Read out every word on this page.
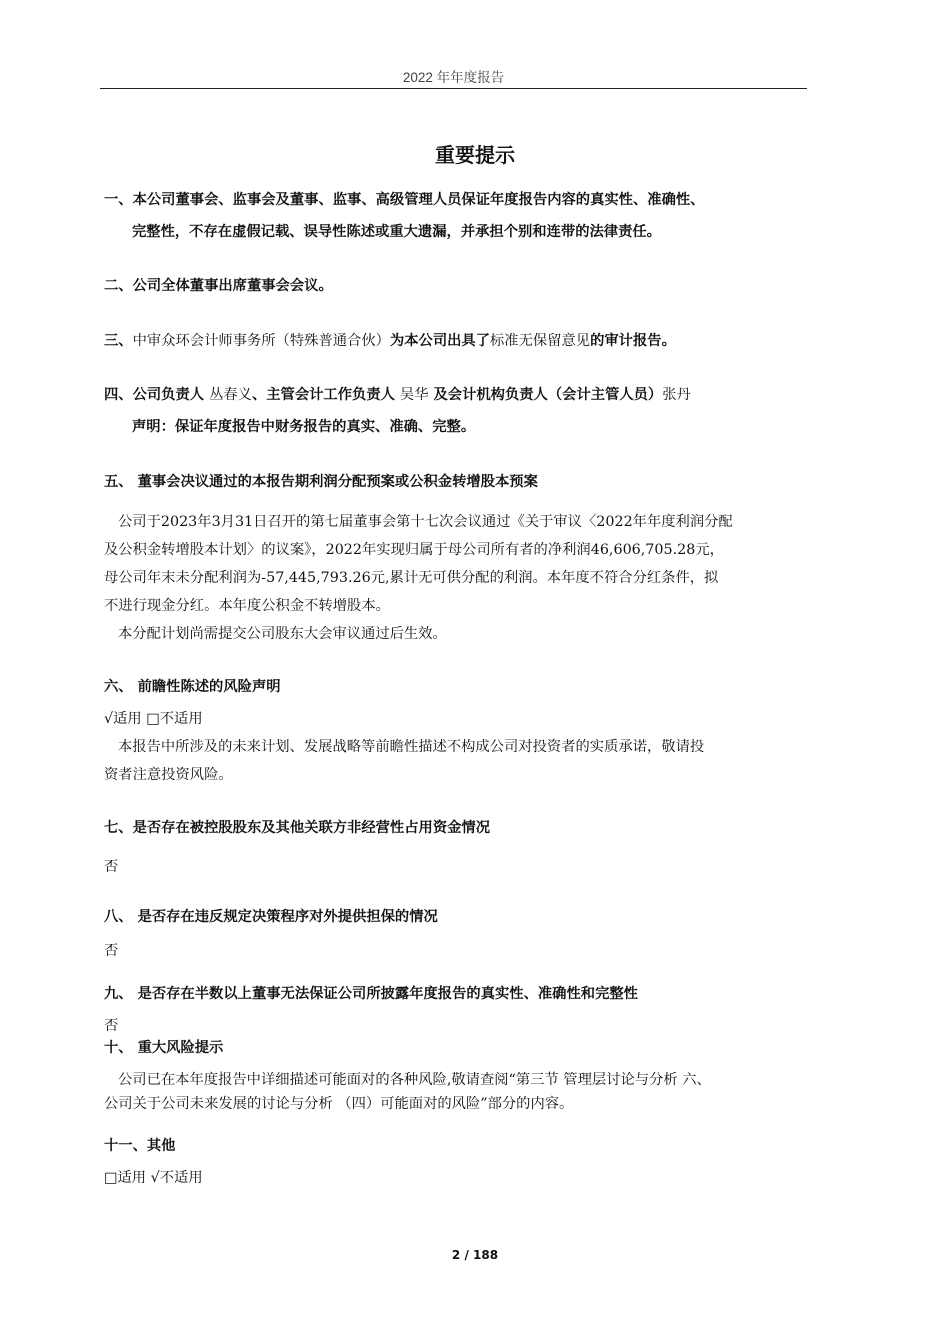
2022 年年度报告
重要提示
一、本公司董事会、监事会及董事、监事、高级管理人员保证年度报告内容的真实性、准确性、
完整性，不存在虚假记载、误导性陈述或重大遗漏，并承担个别和连带的法律责任。
二、公司全体董事出席董事会会议。
三、中审众环会计师事务所（特殊普通合伙）为本公司出具了标准无保留意见的审计报告。
四、公司负责人 丛春义、主管会计工作负责人 吴华 及会计机构负责人（会计主管人员）张丹
声明：保证年度报告中财务报告的真实、准确、完整。
五、 董事会决议通过的本报告期利润分配预案或公积金转增股本预案
公司于2023年3月31日召开的第七届董事会第十七次会议通过《关于审议〈2022年年度利润分配
及公积金转增股本计划〉的议案》，2022年实现归属于母公司所有者的净利润46,606,705.28元，
母公司年末未分配利润为-57,445,793.26元,累计无可供分配的利润。本年度不符合分红条件，拟
不进行现金分红。本年度公积金不转增股本。
本分配计划尚需提交公司股东大会审议通过后生效。
六、 前瞻性陈述的风险声明
√适用 □不适用
本报告中所涉及的未来计划、发展战略等前瞻性描述不构成公司对投资者的实质承诺，敬请投
资者注意投资风险。
七、是否存在被控股股东及其他关联方非经营性占用资金情况
否
八、 是否存在违反规定决策程序对外提供担保的情况
否
九、 是否存在半数以上董事无法保证公司所披露年度报告的真实性、准确性和完整性
否
十、 重大风险提示
公司已在本年度报告中详细描述可能面对的各种风险,敬请查阅“第三节 管理层讨论与分析 六、
公司关于公司未来发展的讨论与分析 （四）可能面对的风险”部分的内容。
十一、其他
□适用 √不适用
2 / 188
